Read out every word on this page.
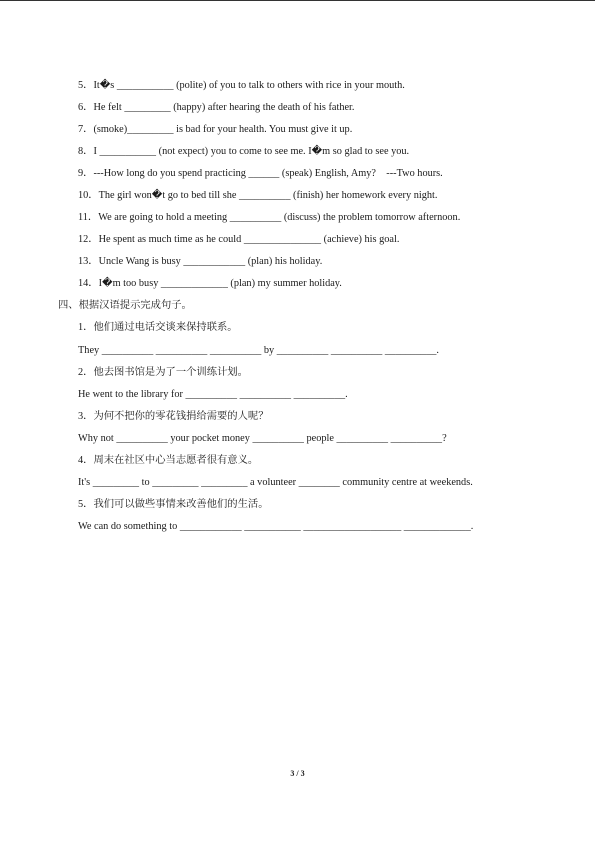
5．It�s ___________ (polite) of you to talk to others with rice in your mouth.
6．He felt _________ (happy) after hearing the death of his father.
7．(smoke)_________ is bad for your health. You must give it up.
8．I ___________ (not expect) you to come to see me. I�m so glad to see you.
9．---How long do you spend practicing ______ (speak) English, Amy?    ---Two hours.
10．The girl won�t go to bed till she __________ (finish) her homework every night.
11．We are going to hold a meeting __________ (discuss) the problem tomorrow afternoon.
12．He spent as much time as he could _______________ (achieve) his goal.
13．Uncle Wang is busy ____________ (plan) his holiday.
14．I�m too busy _____________ (plan) my summer holiday.
四、根据汉语提示完成句子。
1．他们通过电话交谈来保持联系。
They __________ __________ __________ by __________ __________ __________.
2．他去图书馆是为了一个训练计划。
He went to the library for __________ __________ __________.
3．为何不把你的零花钱捐给需要的人呢？
Why not __________ your pocket money __________ people __________ __________?
4．周末在社区中心当志愿者很有意义。
It's _________ to _________ _________ a volunteer ________ community centre at weekends.
5．我们可以做些事情来改善他们的生活。
We can do something to ____________ ___________ ___________________ _____________.
3 / 3
